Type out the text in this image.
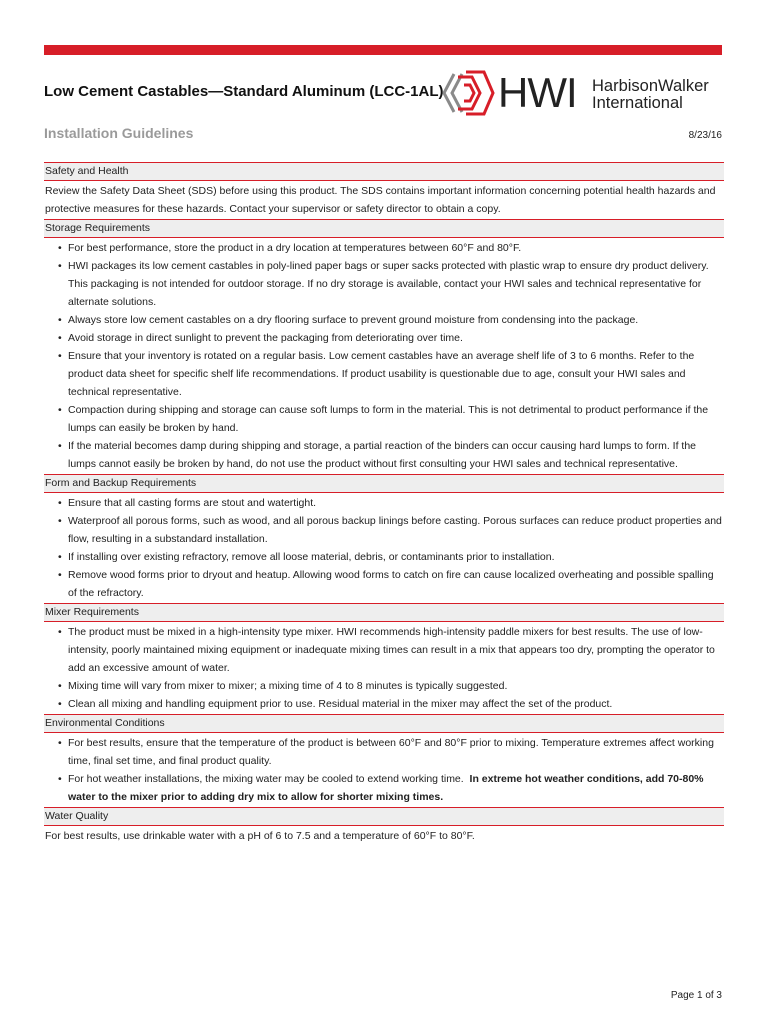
Low Cement Castables—Standard Aluminum (LCC-1AL) HWI HarbisonWalker
International
Installation Guidelines	8/23/16
Safety and Health

Review the Safety Data Sheet (SDS) before using this product. The SDS contains important information concerning potential health hazards and protective measures for these hazards. Contact your supervisor or safety director to obtain a copy.

Storage Requirements
• For best performance, store the product in a dry location at temperatures between 60°F and 80°F.
• HWI packages its low cement castables in poly-lined paper bags or super sacks protected with plastic wrap to ensure dry product delivery. This packaging is not intended for outdoor storage. If no dry storage is available, contact your HWI sales and technical representative for alternate solutions.
• Always store low cement castables on a dry flooring surface to prevent ground moisture from condensing into the package.
• Avoid storage in direct sunlight to prevent the packaging from deteriorating over time.
• Ensure that your inventory is rotated on a regular basis. Low cement castables have an average shelf life of 3 to 6 months. Refer to the product data sheet for specific shelf life recommendations. If product usability is questionable due to age, consult your HWI sales and technical representative.
• Compaction during shipping and storage can cause soft lumps to form in the material. This is not detrimental to product performance if the lumps can easily be broken by hand.
• If the material becomes damp during shipping and storage, a partial reaction of the binders can occur causing hard lumps to form. If the lumps cannot easily be broken by hand, do not use the product without first consulting your HWI sales and technical representative.
Form and Backup Requirements
• Ensure that all casting forms are stout and watertight.
• Waterproof all porous forms, such as wood, and all porous backup linings before casting. Porous surfaces can reduce product properties and flow, resulting in a substandard installation.
• If installing over existing refractory, remove all loose material, debris, or contaminants prior to installation.
• Remove wood forms prior to dryout and heatup. Allowing wood forms to catch on fire can cause localized overheating and possible spalling of the refractory.
Mixer Requirements
• The product must be mixed in a high-intensity type mixer. HWI recommends high-intensity paddle mixers for best results. The use of low-intensity, poorly maintained mixing equipment or inadequate mixing times can result in a mix that appears too dry, prompting the operator to add an excessive amount of water.
• Mixing time will vary from mixer to mixer; a mixing time of 4 to 8 minutes is typically suggested.
• Clean all mixing and handling equipment prior to use. Residual material in the mixer may affect the set of the product.
Environmental Conditions
• For best results, ensure that the temperature of the product is between 60°F and 80°F prior to mixing. Temperature extremes affect working time, final set time, and final product quality.
• For hot weather installations, the mixing water may be cooled to extend working time. In extreme hot weather conditions, add 70-80% water to the mixer prior to adding dry mix to allow for shorter mixing times.
Water Quality

For best results, use drinkable water with a pH of 6 to 7.5 and a temperature of 60°F to 80°F.

Page 1 of 3
